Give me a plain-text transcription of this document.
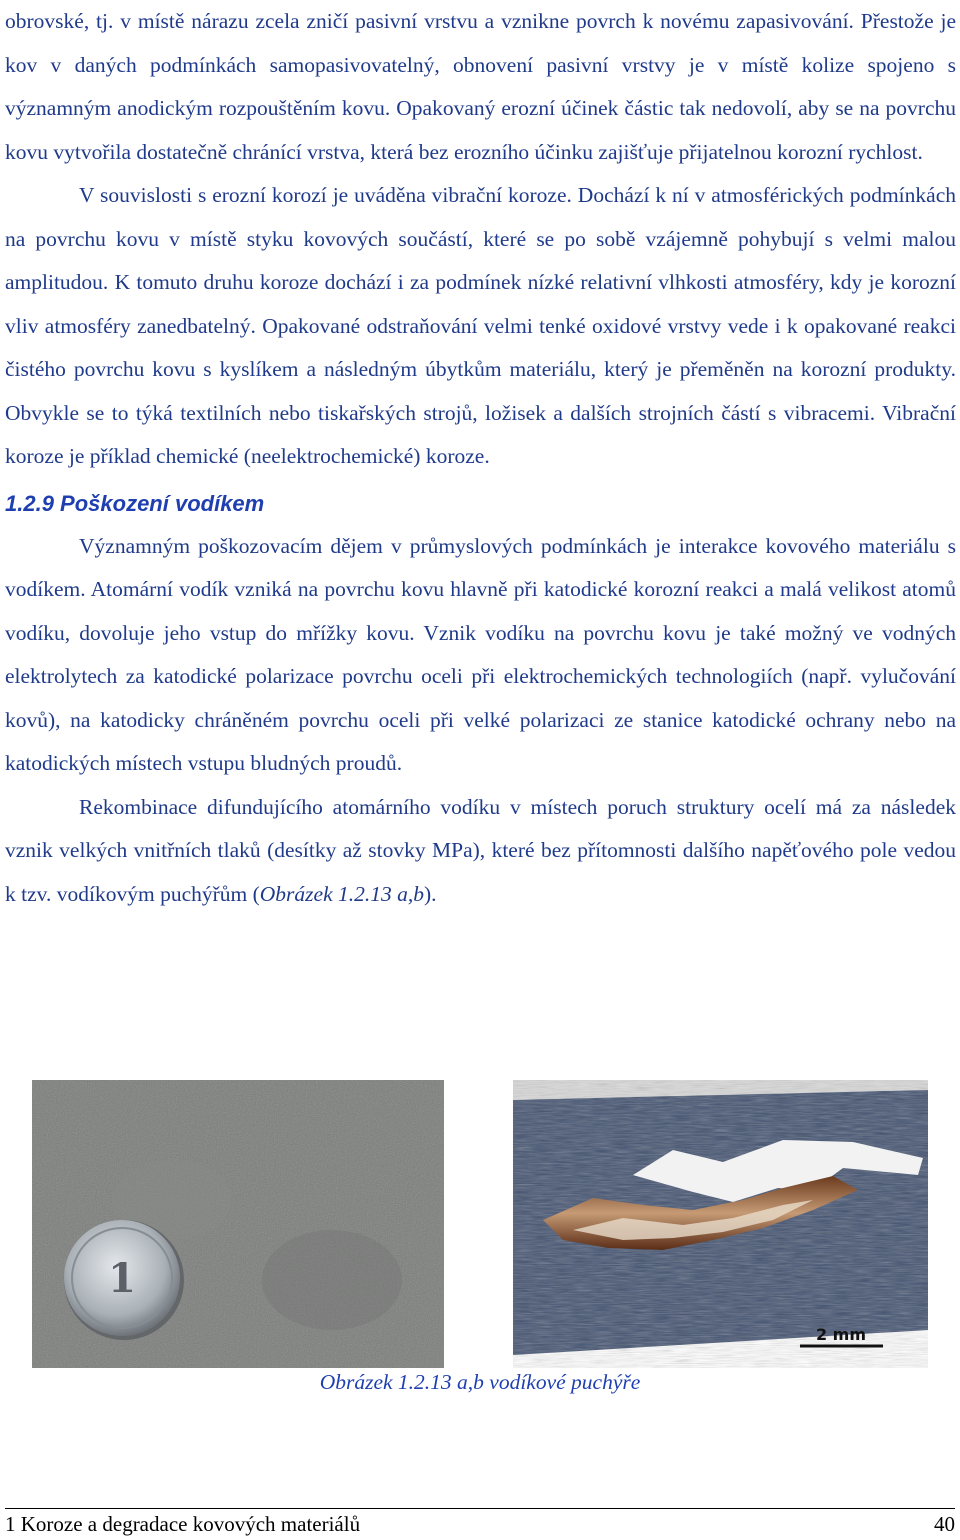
obrovské, tj. v místě nárazu zcela zničí pasivní vrstvu a vznikne povrch k novému zapasivování. Přestože je kov v daných podmínkách samopasivovatelný, obnovení pasivní vrstvy je v místě kolize spojeno s významným anodickým rozpouštěním kovu. Opakovaný erozní účinek částic tak nedovolí, aby se na povrchu kovu vytvořila dostatečně chránící vrstva, která bez erozního účinku zajišťuje přijatelnou korozní rychlost.

V souvislosti s erozní korozí je uváděna vibrační koroze. Dochází k ní v atmosférických podmínkách na povrchu kovu v místě styku kovových součástí, které se po sobě vzájemně pohybují s velmi malou amplitudou. K tomuto druhu koroze dochází i za podmínek nízké relativní vlhkosti atmosféry, kdy je korozní vliv atmosféry zanedbatelný. Opakované odstraňování velmi tenké oxidové vrstvy vede i k opakované reakci čistého povrchu kovu s kyslíkem a následným úbytkům materiálu, který je přeměněn na korozní produkty. Obvykle se to týká textilních nebo tiskařských strojů, ložisek a dalších strojních částí s vibracemi. Vibrační koroze je příklad chemické (neelektrochemické) koroze.

1.2.9 Poškození vodíkem

Významným poškozovacím dějem v průmyslových podmínkách je interakce kovového materiálu s vodíkem. Atomární vodík vzniká na povrchu kovu hlavně při katodické korozní reakci a malá velikost atomů vodíku, dovoluje jeho vstup do mřížky kovu. Vznik vodíku na povrchu kovu je také možný ve vodných elektrolytech za katodické polarizace povrchu oceli při elektrochemických technologiích (např. vylučování kovů), na katodicky chráněném povrchu oceli při velké polarizaci ze stanice katodické ochrany nebo na katodických místech vstupu bludných proudů.

Rekombinace difundujícího atomárního vodíku v místech poruch struktury ocelí má za následek vznik velkých vnitřních tlaků (desítky až stovky MPa), které bez přítomnosti dalšího napěťového pole vedou k tzv. vodíkovým puchýřům (Obrázek 1.2.13 a,b).

1
2 mm
Obrázek 1.2.13 a,b vodíkové puchýře
1 Koroze a degradace kovových materiálů	40
